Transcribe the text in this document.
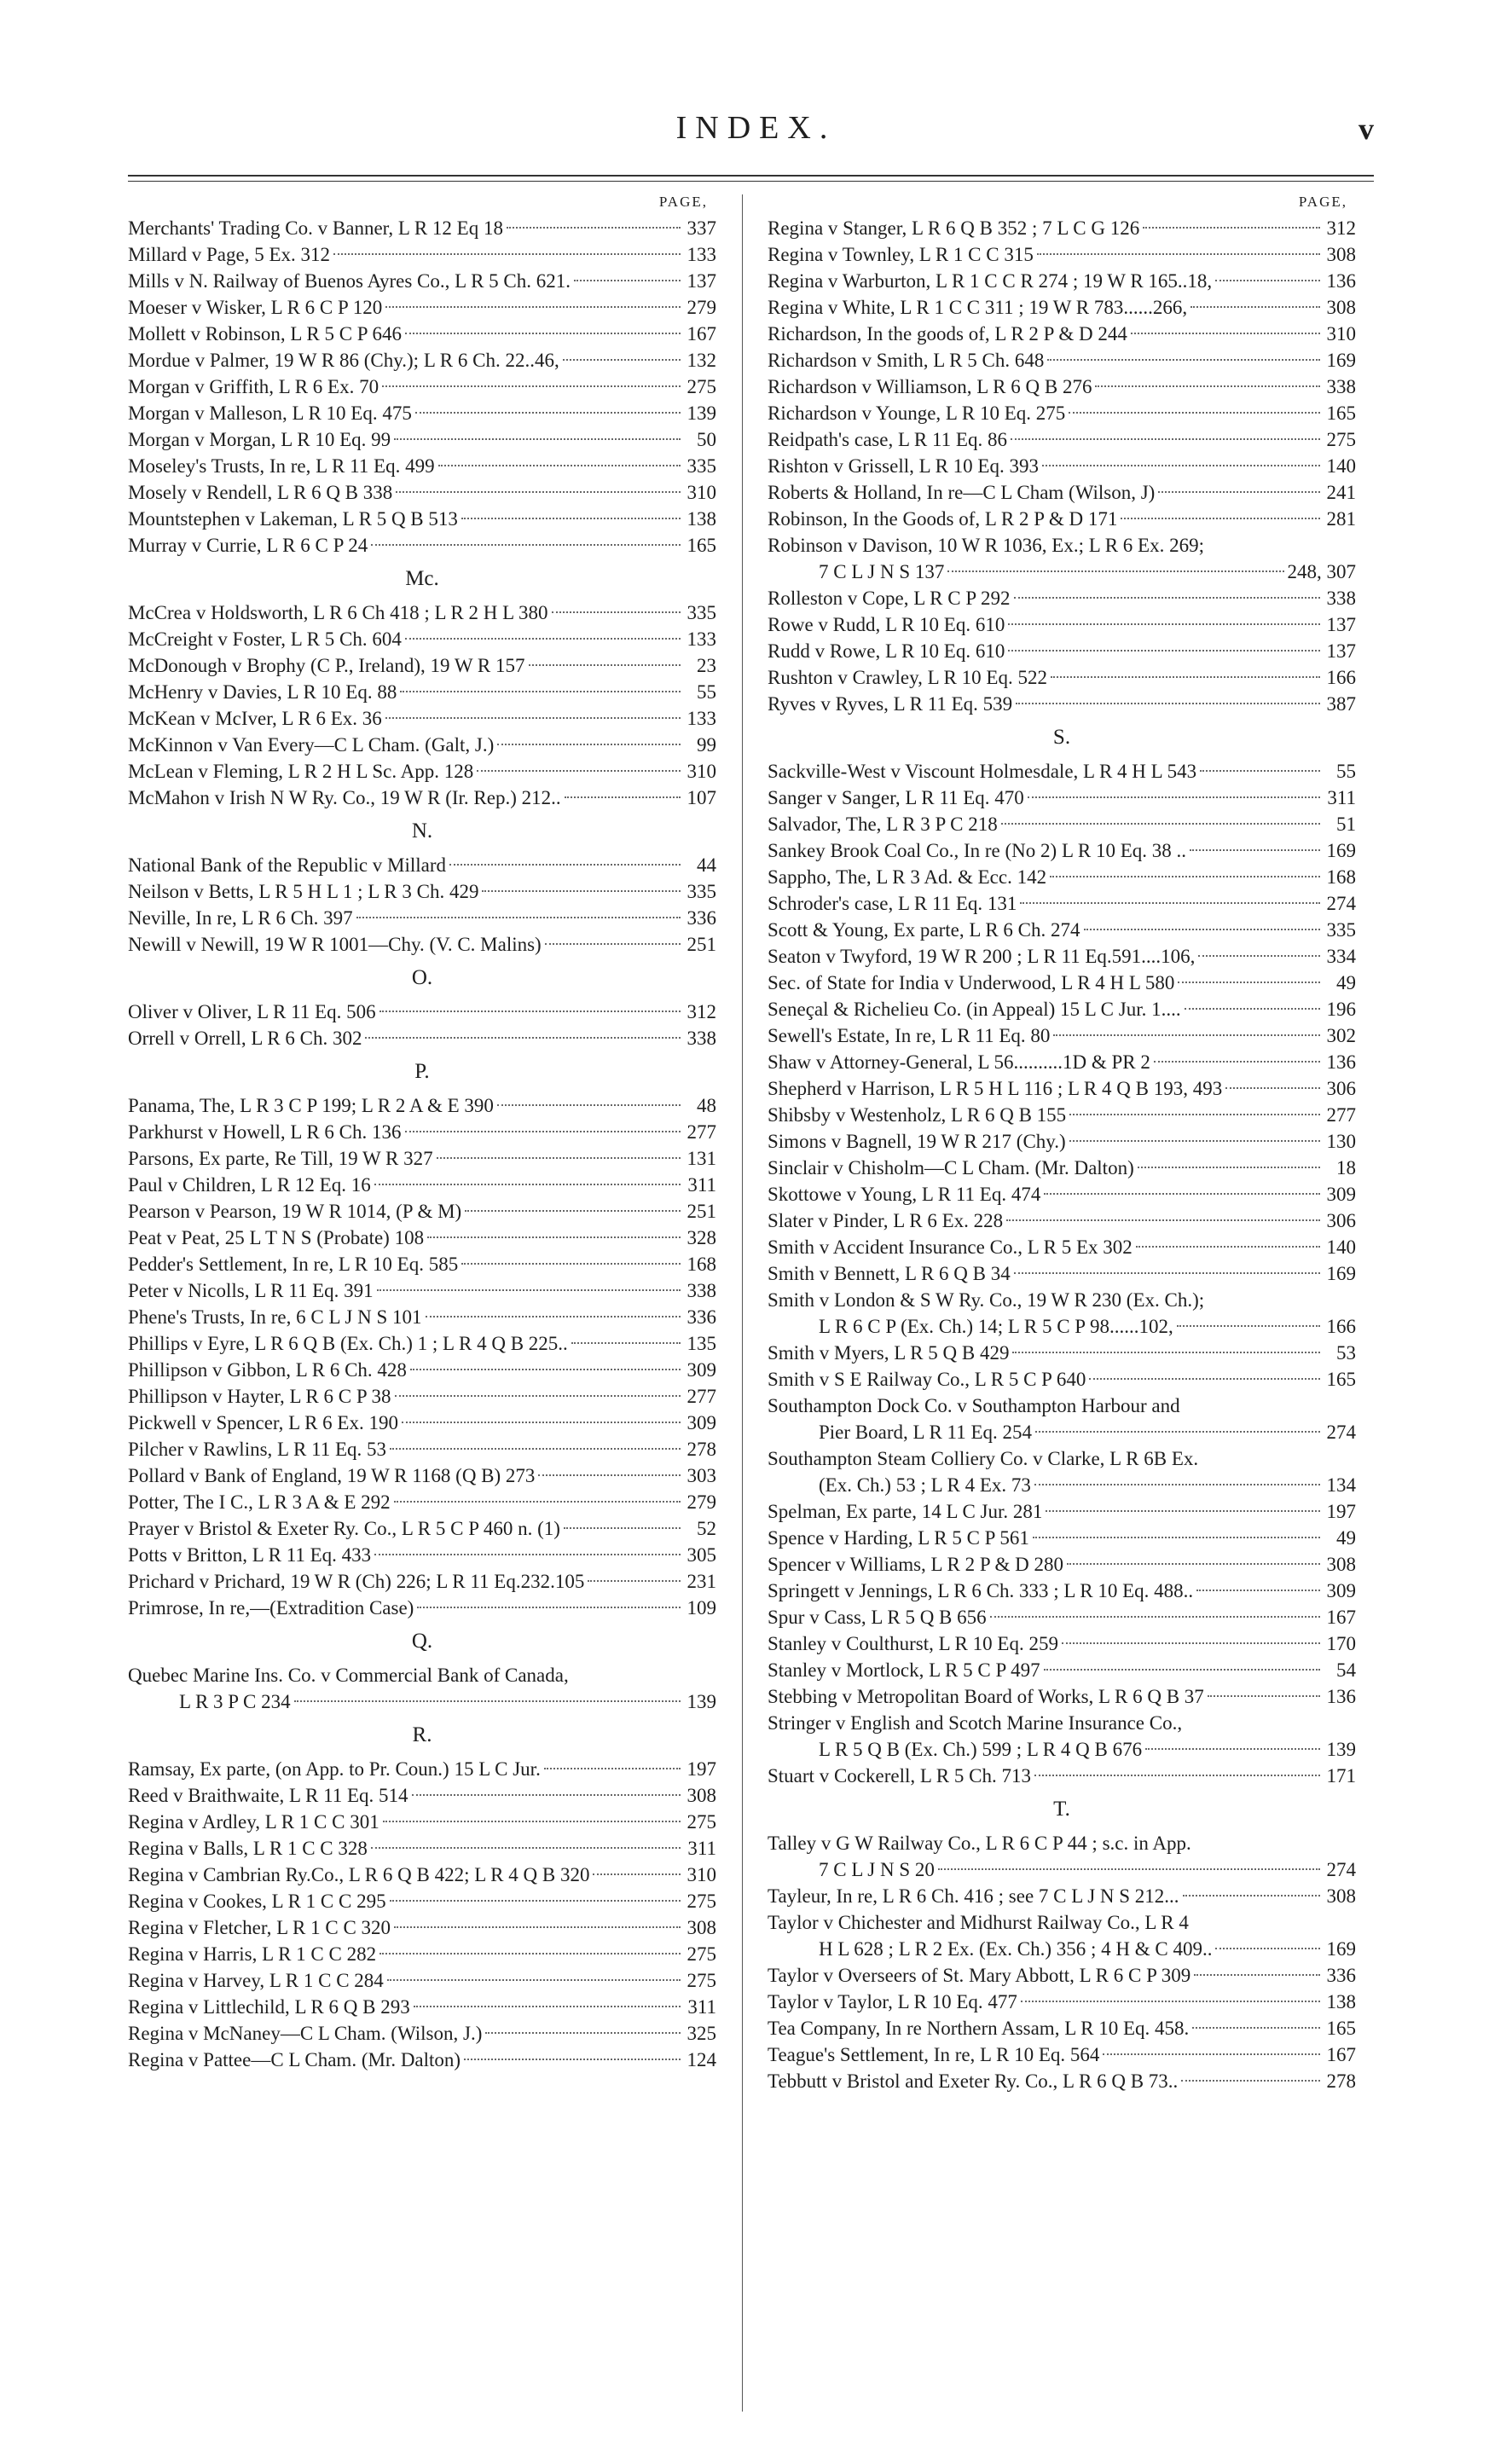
INDEX.	v
PAGE,
Merchants' Trading Co. v Banner, L R 12 Eq 18	337
Millard v Page, 5 Ex. 312	133
Mills v N. Railway of Buenos Ayres Co., L R 5 Ch. 621.	137
Moeser v Wisker, L R 6 C P 120	279
Mollett v Robinson, L R 5 C P 646	167
Mordue v Palmer, 19 W R 86 (Chy.); L R 6 Ch. 22..46,	132
Morgan v Griffith, L R 6 Ex. 70	275
Morgan v Malleson, L R 10 Eq. 475	139
Morgan v Morgan, L R 10 Eq. 99	50
Moseley's Trusts, In re, L R 11 Eq. 499	335
Mosely v Rendell, L R 6 Q B 338	310
Mountstephen v Lakeman, L R 5 Q B 513	138
Murray v Currie, L R 6 C P 24	165
Mc.
McCrea v Holdsworth, L R 6 Ch 418 ; L R 2 H L 380	335
McCreight v Foster, L R 5 Ch. 604	133
McDonough v Brophy (C P., Ireland), 19 W R 157	23
McHenry v Davies, L R 10 Eq. 88	55
McKean v McIver, L R 6 Ex. 36	133
McKinnon v Van Every—C L Cham. (Galt, J.)	99
McLean v Fleming, L R 2 H L Sc. App. 128	310
McMahon v Irish N W Ry. Co., 19 W R (Ir. Rep.) 212..	107
N.
National Bank of the Republic v Millard	44
Neilson v Betts, L R 5 H L 1 ; L R 3 Ch. 429	335
Neville, In re, L R 6 Ch. 397	336
Newill v Newill, 19 W R 1001—Chy. (V. C. Malins)	251
O.
Oliver v Oliver, L R 11 Eq. 506	312
Orrell v Orrell, L R 6 Ch. 302	338
P.
Panama, The, L R 3 C P 199; L R 2 A & E 390	48
Parkhurst v Howell, L R 6 Ch. 136	277
Parsons, Ex parte, Re Till, 19 W R 327	131
Paul v Children, L R 12 Eq. 16	311
Pearson v Pearson, 19 W R 1014, (P & M)	251
Peat v Peat, 25 L T N S (Probate) 108	328
Pedder's Settlement, In re, L R 10 Eq. 585	168
Peter v Nicolls, L R 11 Eq. 391	338
Phene's Trusts, In re, 6 C L J N S 101	336
Phillips v Eyre, L R 6 Q B (Ex. Ch.) 1 ; L R 4 Q B 225..	135
Phillipson v Gibbon, L R 6 Ch. 428	309
Phillipson v Hayter, L R 6 C P 38	277
Pickwell v Spencer, L R 6 Ex. 190	309
Pilcher v Rawlins, L R 11 Eq. 53	278
Pollard v Bank of England, 19 W R 1168 (Q B) 273	303
Potter, The I C., L R 3 A & E 292	279
Prayer v Bristol & Exeter Ry. Co., L R 5 C P 460 n. (1)	52
Potts v Britton, L R 11 Eq. 433	305
Prichard v Prichard, 19 W R (Ch) 226; L R 11 Eq.232.105	231
Primrose, In re,—(Extradition Case)	109
Q.
Quebec Marine Ins. Co. v Commercial Bank of Canada,
L R 3 P C 234	139
R.
Ramsay, Ex parte, (on App. to Pr. Coun.) 15 L C Jur.	197
Reed v Braithwaite, L R 11 Eq. 514	308
Regina v Ardley, L R 1 C C 301	275
Regina v Balls, L R 1 C C 328	311
Regina v Cambrian Ry.Co., L R 6 Q B 422; L R 4 Q B 320	310
Regina v Cookes, L R 1 C C 295	275
Regina v Fletcher, L R 1 C C 320	308
Regina v Harris, L R 1 C C 282	275
Regina v Harvey, L R 1 C C 284	275
Regina v Littlechild, L R 6 Q B 293	311
Regina v McNaney—C L Cham. (Wilson, J.)	325
Regina v Pattee—C L Cham. (Mr. Dalton)	124
PAGE,
Regina v Stanger, L R 6 Q B 352 ; 7 L C G 126	312
Regina v Townley, L R 1 C C 315	308
Regina v Warburton, L R 1 C C R 274 ; 19 W R 165..18,	136
Regina v White, L R 1 C C 311 ; 19 W R 783......266,	308
Richardson, In the goods of, L R 2 P & D 244	310
Richardson v Smith, L R 5 Ch. 648	169
Richardson v Williamson, L R 6 Q B 276	338
Richardson v Younge, L R 10 Eq. 275	165
Reidpath's case, L R 11 Eq. 86	275
Rishton v Grissell, L R 10 Eq. 393	140
Roberts & Holland, In re—C L Cham (Wilson, J)	241
Robinson, In the Goods of, L R 2 P & D 171	281
Robinson v Davison, 10 W R 1036, Ex.; L R 6 Ex. 269;
7 C L J N S 137	248, 307
Rolleston v Cope, L R C P 292	338
Rowe v Rudd, L R 10 Eq. 610	137
Rudd v Rowe, L R 10 Eq. 610	137
Rushton v Crawley, L R 10 Eq. 522	166
Ryves v Ryves, L R 11 Eq. 539	387
S.
Sackville-West v Viscount Holmesdale, L R 4 H L 543	55
Sanger v Sanger, L R 11 Eq. 470	311
Salvador, The, L R 3 P C 218	51
Sankey Brook Coal Co., In re (No 2) L R 10 Eq. 38 ..	169
Sappho, The, L R 3 Ad. & Ecc. 142	168
Schroder's case, L R 11 Eq. 131	274
Scott & Young, Ex parte, L R 6 Ch. 274	335
Seaton v Twyford, 19 W R 200 ; L R 11 Eq.591....106,	334
Sec. of State for India v Underwood, L R 4 H L 580	49
Seneçal & Richelieu Co. (in Appeal) 15 L C Jur. 1....	196
Sewell's Estate, In re, L R 11 Eq. 80	302
Shaw v Attorney-General, L 56..........1D & PR 2	136
Shepherd v Harrison, L R 5 H L 116 ; L R 4 Q B 193, 493	306
Shibsby v Westenholz, L R 6 Q B 155	277
Simons v Bagnell, 19 W R 217 (Chy.)	130
Sinclair v Chisholm—C L Cham. (Mr. Dalton)	18
Skottowe v Young, L R 11 Eq. 474	309
Slater v Pinder, L R 6 Ex. 228	306
Smith v Accident Insurance Co., L R 5 Ex 302	140
Smith v Bennett, L R 6 Q B 34	169
Smith v London & S W Ry. Co., 19 W R 230 (Ex. Ch.);
L R 6 C P (Ex. Ch.) 14; L R 5 C P 98......102,	166
Smith v Myers, L R 5 Q B 429	53
Smith v S E Railway Co., L R 5 C P 640	165
Southampton Dock Co. v Southampton Harbour and
Pier Board, L R 11 Eq. 254	274
Southampton Steam Colliery Co. v Clarke, L R 6B Ex.
(Ex. Ch.) 53 ; L R 4 Ex. 73	134
Spelman, Ex parte, 14 L C Jur. 281	197
Spence v Harding, L R 5 C P 561	49
Spencer v Williams, L R 2 P & D 280	308
Springett v Jennings, L R 6 Ch. 333 ; L R 10 Eq. 488..	309
Spur v Cass, L R 5 Q B 656	167
Stanley v Coulthurst, L R 10 Eq. 259	170
Stanley v Mortlock, L R 5 C P 497	54
Stebbing v Metropolitan Board of Works, L R 6 Q B 37	136
Stringer v English and Scotch Marine Insurance Co.,
L R 5 Q B (Ex. Ch.) 599 ; L R 4 Q B 676	139
Stuart v Cockerell, L R 5 Ch. 713	171
T.
Talley v G W Railway Co., L R 6 C P 44 ; s.c. in App.
7 C L J N S 20	274
Tayleur, In re, L R 6 Ch. 416 ; see 7 C L J N S 212...	308
Taylor v Chichester and Midhurst Railway Co., L R 4
H L 628 ; L R 2 Ex. (Ex. Ch.) 356 ; 4 H & C 409..	169
Taylor v Overseers of St. Mary Abbott, L R 6 C P 309	336
Taylor v Taylor, L R 10 Eq. 477	138
Tea Company, In re Northern Assam, L R 10 Eq. 458.	165
Teague's Settlement, In re, L R 10 Eq. 564	167
Tebbutt v Bristol and Exeter Ry. Co., L R 6 Q B 73..	278
